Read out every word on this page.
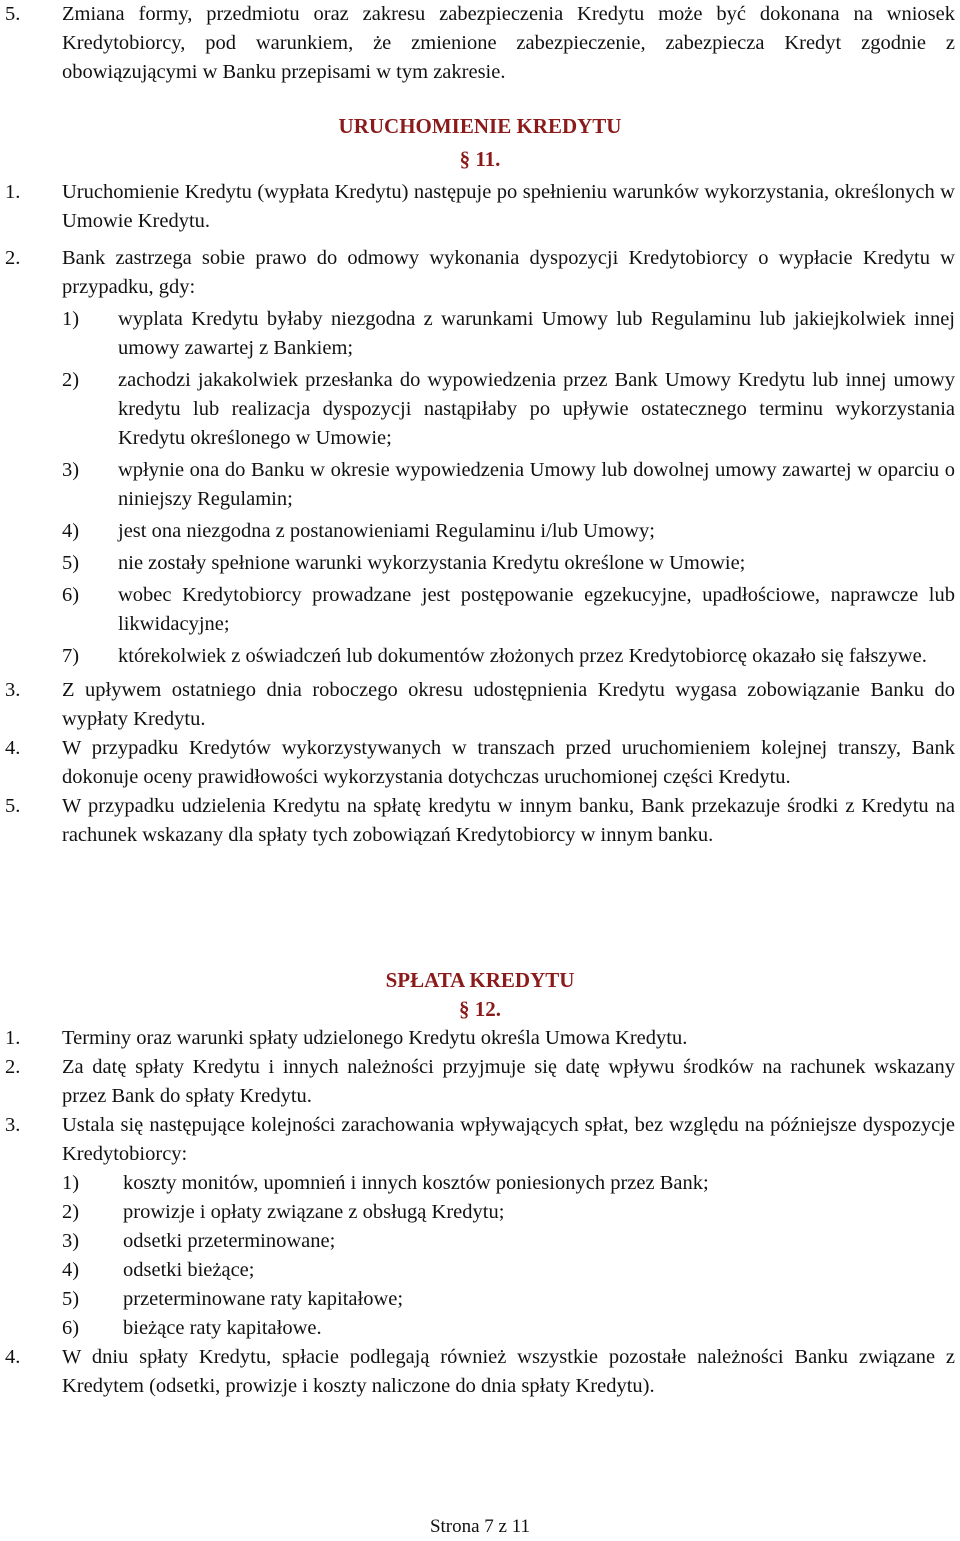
5. Zmiana formy, przedmiotu oraz zakresu zabezpieczenia Kredytu może być dokonana na wniosek Kredytobiorcy, pod warunkiem, że zmienione zabezpieczenie, zabezpiecza Kredyt zgodnie z obowiązującymi w Banku przepisami w tym zakresie.
URUCHOMIENIE KREDYTU
§ 11.
1. Uruchomienie Kredytu (wypłata Kredytu) następuje po spełnieniu warunków wykorzystania, określonych w Umowie Kredytu.
2. Bank zastrzega sobie prawo do odmowy wykonania dyspozycji Kredytobiorcy o wypłacie Kredytu w przypadku, gdy:
1) wyplata Kredytu byłaby niezgodna z warunkami Umowy lub Regulaminu lub jakiejkolwiek innej umowy zawartej z Bankiem;
2) zachodzi jakakolwiek przesłanka do wypowiedzenia przez Bank Umowy Kredytu lub innej umowy kredytu lub realizacja dyspozycji nastąpiłaby po upływie ostatecznego terminu wykorzystania Kredytu określonego w Umowie;
3) wpłynie ona do Banku w okresie wypowiedzenia Umowy lub dowolnej umowy zawartej w oparciu o niniejszy Regulamin;
4) jest ona niezgodna z postanowieniami Regulaminu i/lub Umowy;
5) nie zostały spełnione warunki wykorzystania Kredytu określone w Umowie;
6) wobec Kredytobiorcy prowadzane jest postępowanie egzekucyjne, upadłościowe, naprawcze lub likwidacyjne;
7) którekolwiek z oświadczeń lub dokumentów złożonych przez Kredytobiorcę okazało się fałszywe.
3. Z upływem ostatniego dnia roboczego okresu udostępnienia Kredytu wygasa zobowiązanie Banku do wypłaty Kredytu.
4. W przypadku Kredytów wykorzystywanych w transzach przed uruchomieniem kolejnej transzy, Bank dokonuje oceny prawidłowości wykorzystania dotychczas uruchomionej części Kredytu.
5. W przypadku udzielenia Kredytu na spłatę kredytu w innym banku, Bank przekazuje środki z Kredytu na rachunek wskazany dla spłaty tych zobowiązań Kredytobiorcy w innym banku.
SPŁATA KREDYTU
§ 12.
1. Terminy oraz warunki spłaty udzielonego Kredytu określa Umowa Kredytu.
2. Za datę spłaty Kredytu i innych należności przyjmuje się datę wpływu środków na rachunek wskazany przez Bank do spłaty Kredytu.
3. Ustala się następujące kolejności zarachowania wpływających spłat, bez względu na późniejsze dyspozycje Kredytobiorcy:
1) koszty monitów, upomnień i innych kosztów poniesionych przez Bank;
2) prowizje i opłaty związane z obsługą Kredytu;
3) odsetki przeterminowane;
4) odsetki bieżące;
5) przeterminowane raty kapitałowe;
6) bieżące raty kapitałowe.
4. W dniu spłaty Kredytu, spłacie podlegają również wszystkie pozostałe należności Banku związane z Kredytem (odsetki, prowizje i koszty naliczone do dnia spłaty Kredytu).
Strona 7 z 11
